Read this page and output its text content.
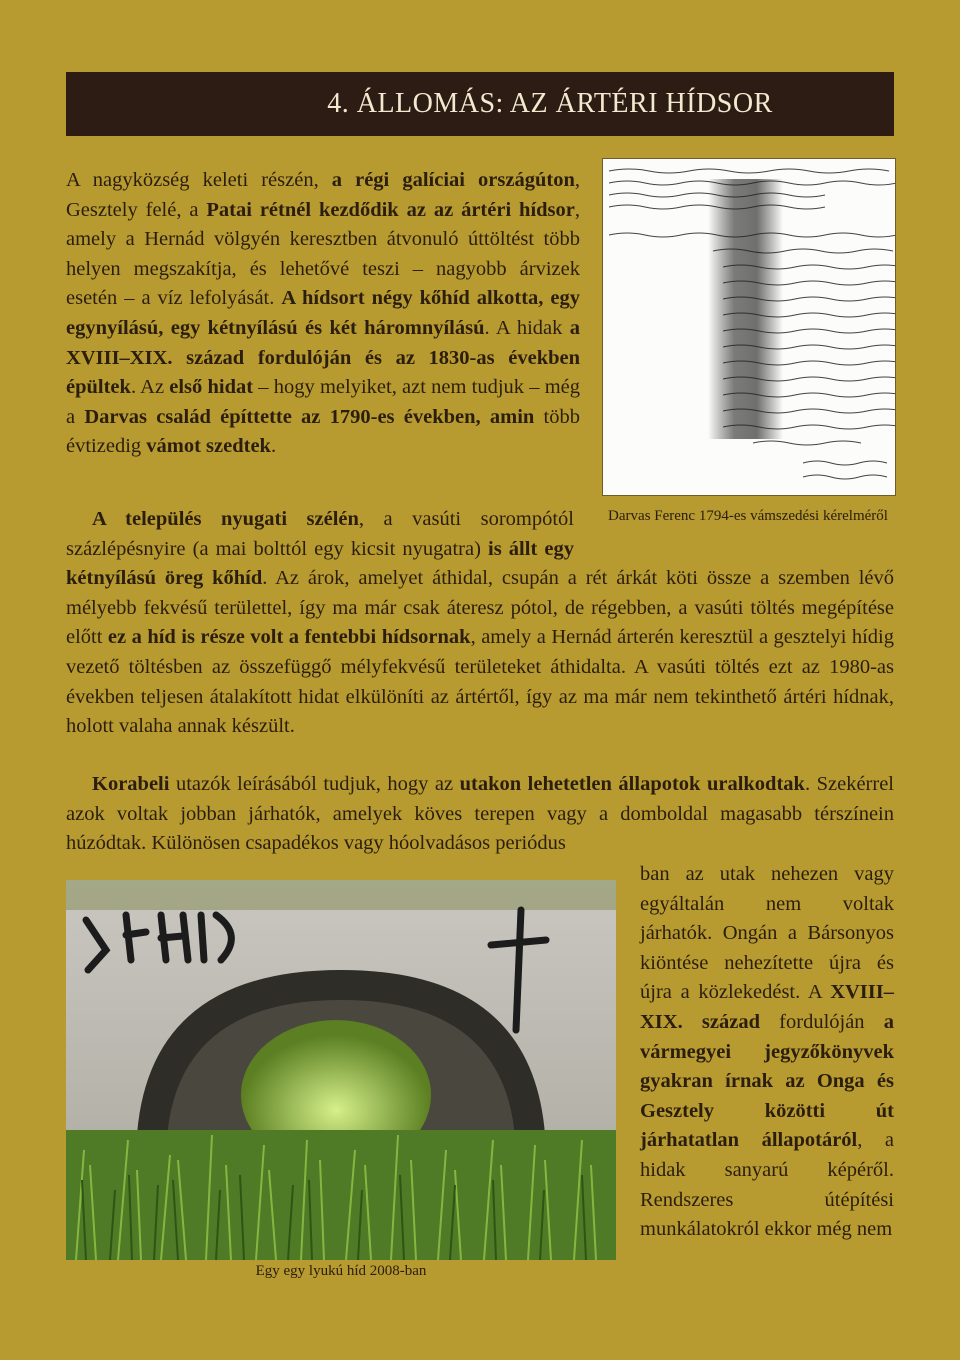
4. ÁLLOMÁS: AZ ÁRTÉRI HÍDSOR

A nagyközség keleti részén, a régi galíciai országúton, Gesztely felé, a Patai rétnél kezdődik az az ártéri hídsor, amely a Hernád völgyén keresztben átvonuló úttöltést több helyen megszakítja, és lehetővé teszi – nagyobb árvizek esetén – a víz lefolyását. A hídsort négy kőhíd alkotta, egy egynyílású, egy kétnyílású és két háromnyílású. A hidak a XVIII–XIX. század fordulóján és az 1830-as években épültek. Az első hidat – hogy melyiket, azt nem tudjuk – még a Darvas család építtette az 1790-es években, amin több évtizedig vámot szedtek.

Darvas Ferenc 1794-es vámszedési kérelméről

A település nyugati szélén, a vasúti sorompótól százlépésnyire (a mai bolttól egy kicsit nyugatra) is állt egy kétnyílású öreg kőhíd. Az árok, amelyet áthidal, csupán a rét árkát köti össze a szemben lévő mélyebb fekvésű területtel, így ma már csak áteresz pótol, de régebben, a vasúti töltés megépítése előtt ez a híd is része volt a fentebbi hídsornak, amely a Hernád árterén keresztül a gesztelyi hídig vezető töltésben az összefüggő mélyfekvésű területeket áthidalta. A vasúti töltés ezt az 1980-as években teljesen átalakított hidat elkülöníti az ártértől, így az ma már nem tekinthető ártéri hídnak, holott valaha annak készült.

Korabeli utazók leírásából tudjuk, hogy az utakon lehetetlen állapotok uralkodtak. Szekérrel azok voltak jobban járhatók, amelyek köves terepen vagy a domboldal magasabb térszínein húzódtak. Különösen csapadékos vagy hóolvadásos periódus

Egy egy lyukú híd 2008-ban

ban az utak nehezen vagy egyáltalán nem voltak járhatók. Ongán a Bársonyos kiöntése nehezítette újra és újra a közlekedést. A XVIII–XIX. század fordulóján a vármegyei jegyzőkönyvek gyakran írnak az Onga és Gesztely közötti út járhatatlan állapotáról, a hidak sanyarú képéről. Rendszeres útépítési munkálatokról ekkor még nem
